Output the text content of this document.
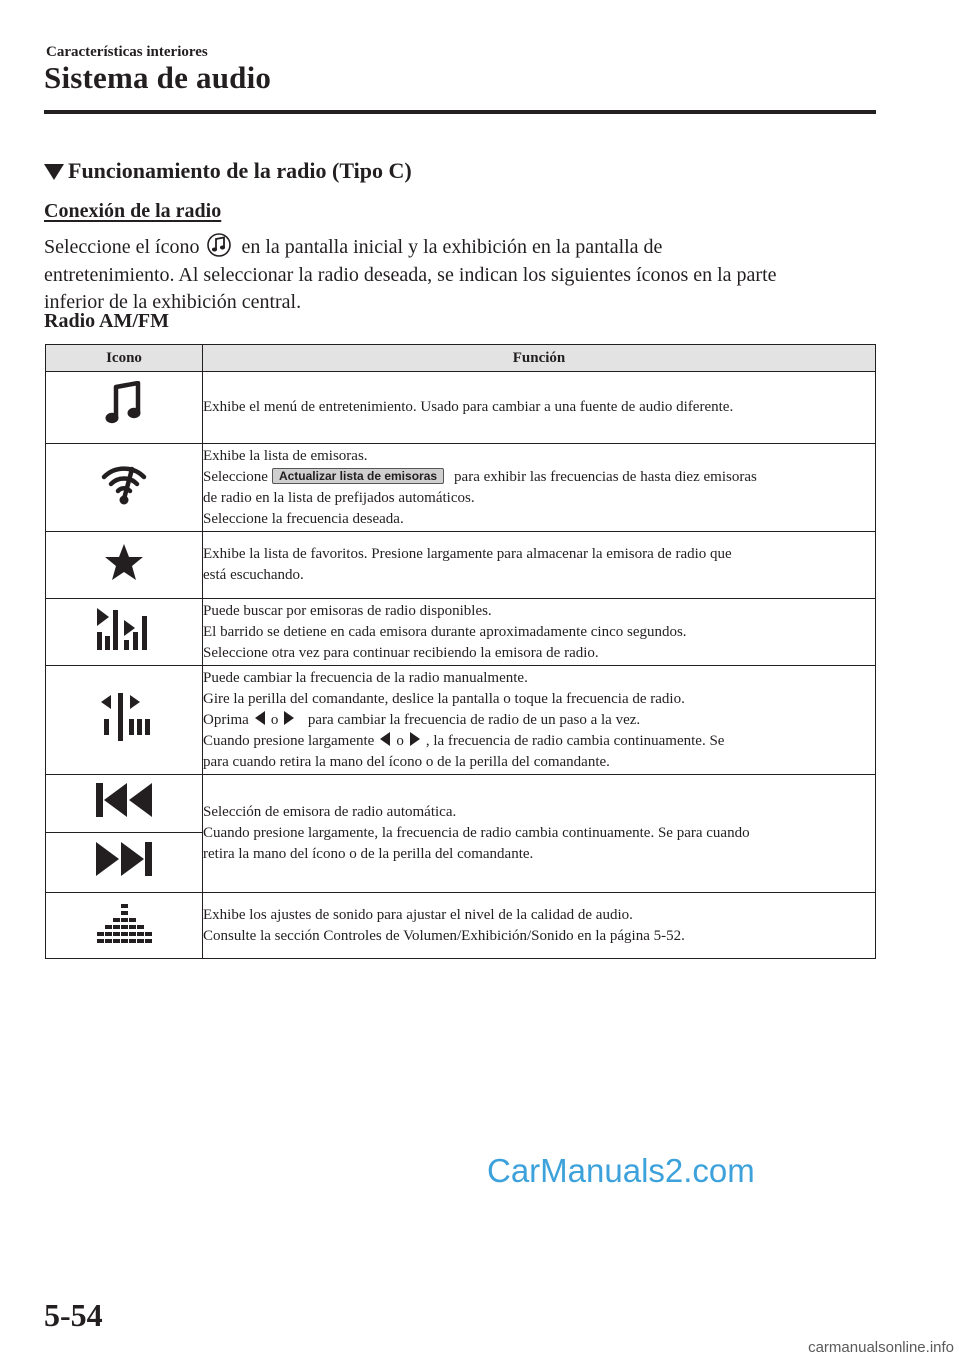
Características interiores
Sistema de audio
Funcionamiento de la radio (Tipo C)
Conexión de la radio
Seleccione el ícono en la pantalla inicial y la exhibición en la pantalla de
entretenimiento. Al seleccionar la radio deseada, se indican los siguientes íconos en la parte
inferior de la exhibición central.
Radio AM/FM
Icono	Función

Exhibe el menú de entretenimiento. Usado para cambiar a una fuente de audio diferente.

Exhibe la lista de emisoras.
Seleccione Actualizar lista de emisoras para exhibir las frecuencias de hasta diez emisoras
de radio en la lista de prefijados automáticos.
Seleccione la frecuencia deseada.

Exhibe la lista de favoritos. Presione largamente para almacenar la emisora de radio que
está escuchando.

Puede buscar por emisoras de radio disponibles.
El barrido se detiene en cada emisora durante aproximadamente cinco segundos.
Seleccione otra vez para continuar recibiendo la emisora de radio.

Puede cambiar la frecuencia de la radio manualmente.
Gire la perilla del comandante, deslice la pantalla o toque la frecuencia de radio.
Oprima o para cambiar la frecuencia de radio de un paso a la vez.
Cuando presione largamente o , la frecuencia de radio cambia continuamente. Se
para cuando retira la mano del ícono o de la perilla del comandante.

Selección de emisora de radio automática.
Cuando presione largamente, la frecuencia de radio cambia continuamente. Se para cuando
retira la mano del ícono o de la perilla del comandante.

Exhibe los ajustes de sonido para ajustar el nivel de la calidad de audio.
Consulte la sección Controles de Volumen/Exhibición/Sonido en la página 5-52.
CarManuals2.com
5-54
carmanualsonline.info
